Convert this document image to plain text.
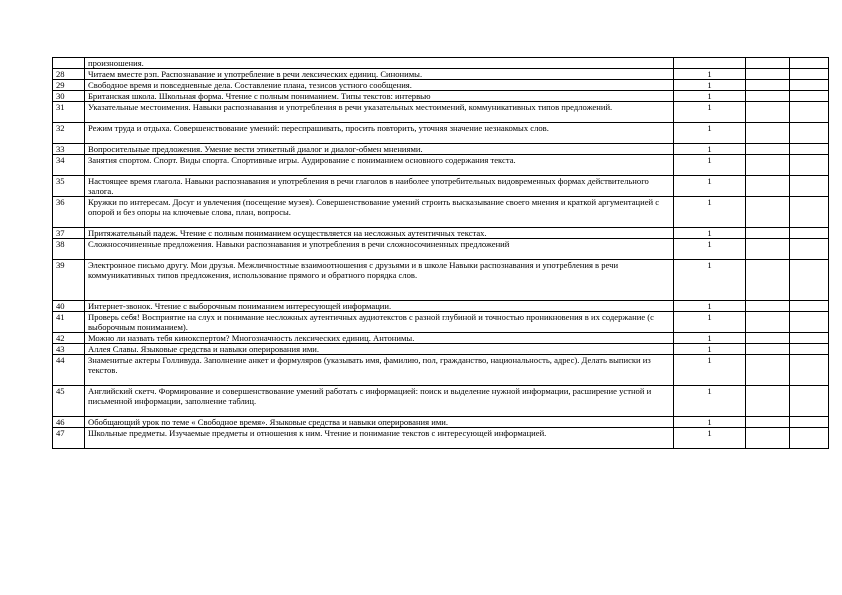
	произношения.			
28	Читаем вместе рэп. Распознавание и употребление в речи лексических единиц. Синонимы.	1		
29	Свободное время и повседневные дела. Составление плана, тезисов устного сообщения.	1		
30	Британская школа. Школьная форма. Чтение с полным пониманием. Типы текстов: интервью	1		
31	Указательные местоимения. Навыки распознавания и употребления в речи указательных местоимений, коммуникативных типов предложений.	1		
32	Режим труда и отдыха. Совершенствование умений: переспрашивать, просить повторить, уточняя значение незнакомых слов.	1		
33	Вопросительные предложения. Умение вести этикетный диалог и диалог-обмен мнениями.	1		
34	Занятия спортом. Спорт. Виды спорта. Спортивные игры. Аудирование с пониманием основного содержания текста.	1		
35	Настоящее время глагола. Навыки распознавания и употребления в речи глаголов в наиболее употребительных видовременных формах действительного залога.	1		
36	Кружки по интересам. Досуг и увлечения (посещение музея). Совершенствование умений строить высказывание своего мнения и краткой аргументацией с опорой и без опоры на ключевые слова, план, вопросы.	1		
37	Притяжательный падеж. Чтение с полным пониманием осуществляется на несложных аутентичных текстах.	1		
38	Сложносочиненные предложения. Навыки распознавания и употребления в речи сложносочиненных предложений	1		
39	Электронное письмо другу. Мои друзья. Межличностные взаимоотношения с друзьями и в школе Навыки распознавания и употребления в речи коммуникативных типов предложения, использование прямого и обратного порядка слов.	1		
40	Интернет-звонок. Чтение с выборочным пониманием интересующей информации.	1		
41	Проверь себя! Восприятие на слух и понимание несложных аутентичных аудиотекстов с разной глубиной и точностью проникновения в их содержание (с выборочным пониманием).	1		
42	Можно ли назвать тебя кинокспертом? Многозначность лексических единиц. Антонимы.	1		
43	Аллея Славы. Языковые средства и навыки оперирования ими.	1		
44	Знаменитые актеры Голливуда. Заполнение анкет и формуляров (указывать имя, фамилию, пол, гражданство, национальность, адрес). Делать выписки из текстов.	1		
45	Английский скетч. Формирование и совершенствование умений работать с информацией: поиск и выделение нужной информации, расширение устной и письменной информации, заполнение таблиц.	1		
46	Обобщающий урок по теме « Свободное время». Языковые средства и навыки оперирования ими.	1		
47	Школьные предметы. Изучаемые предметы и отношения к ним. Чтение и понимание текстов с интересующей информацией.	1		
